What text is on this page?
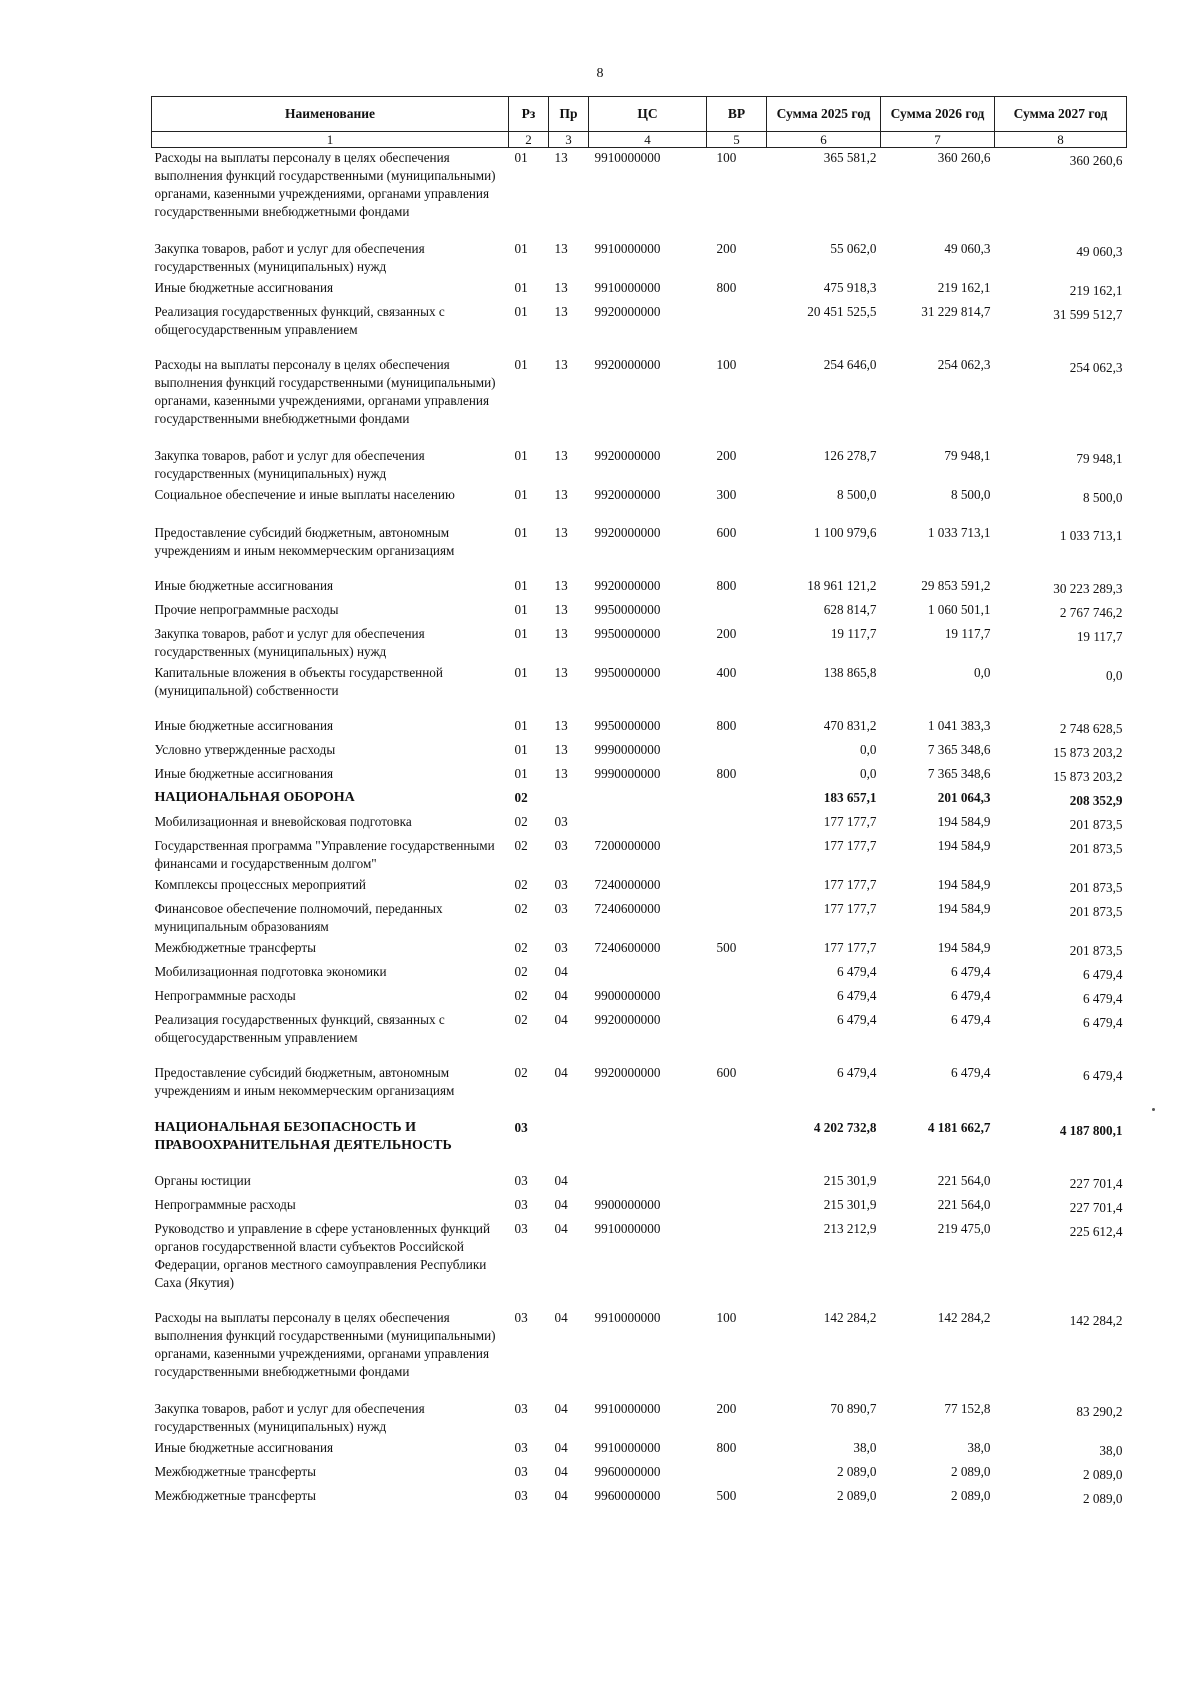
8
Наименование	Рз	Пр	ЦС	ВР	Сумма 2025 год	Сумма 2026 год	Сумма 2027 год
1	2	3	4	5	6	7	8
Расходы на выплаты персоналу в целях обеспечения выполнения функций государственными (муниципальными) органами, казенными учреждениями, органами управления государственными внебюджетными фондами	01	13	9910000000	100	365 581,2	360 260,6	360 260,6
Закупка товаров, работ и услуг для обеспечения государственных (муниципальных) нужд	01	13	9910000000	200	55 062,0	49 060,3	49 060,3
Иные бюджетные ассигнования	01	13	9910000000	800	475 918,3	219 162,1	219 162,1
Реализация государственных функций, связанных с общегосударственным управлением	01	13	9920000000		20 451 525,5	31 229 814,7	31 599 512,7
Расходы на выплаты персоналу в целях обеспечения выполнения функций государственными (муниципальными) органами, казенными учреждениями, органами управления государственными внебюджетными фондами	01	13	9920000000	100	254 646,0	254 062,3	254 062,3
Закупка товаров, работ и услуг для обеспечения государственных (муниципальных) нужд	01	13	9920000000	200	126 278,7	79 948,1	79 948,1
Социальное обеспечение и иные выплаты населению	01	13	9920000000	300	8 500,0	8 500,0	8 500,0
Предоставление субсидий бюджетным, автономным учреждениям и иным некоммерческим организациям	01	13	9920000000	600	1 100 979,6	1 033 713,1	1 033 713,1
Иные бюджетные ассигнования	01	13	9920000000	800	18 961 121,2	29 853 591,2	30 223 289,3
Прочие непрограммные расходы	01	13	9950000000		628 814,7	1 060 501,1	2 767 746,2
Закупка товаров, работ и услуг для обеспечения государственных (муниципальных) нужд	01	13	9950000000	200	19 117,7	19 117,7	19 117,7
Капитальные вложения в объекты государственной (муниципальной) собственности	01	13	9950000000	400	138 865,8	0,0	0,0
Иные бюджетные ассигнования	01	13	9950000000	800	470 831,2	1 041 383,3	2 748 628,5
Условно утвержденные расходы	01	13	9990000000		0,0	7 365 348,6	15 873 203,2
Иные бюджетные ассигнования	01	13	9990000000	800	0,0	7 365 348,6	15 873 203,2
НАЦИОНАЛЬНАЯ ОБОРОНА	02				183 657,1	201 064,3	208 352,9
Мобилизационная и вневойсковая подготовка	02	03			177 177,7	194 584,9	201 873,5
Государственная программа "Управление государственными финансами и государственным долгом"	02	03	7200000000		177 177,7	194 584,9	201 873,5
Комплексы процессных мероприятий	02	03	7240000000		177 177,7	194 584,9	201 873,5
Финансовое обеспечение полномочий, переданных муниципальным образованиям	02	03	7240600000		177 177,7	194 584,9	201 873,5
Межбюджетные трансферты	02	03	7240600000	500	177 177,7	194 584,9	201 873,5
Мобилизационная подготовка экономики	02	04			6 479,4	6 479,4	6 479,4
Непрограммные расходы	02	04	9900000000		6 479,4	6 479,4	6 479,4
Реализация государственных функций, связанных с общегосударственным управлением	02	04	9920000000		6 479,4	6 479,4	6 479,4
Предоставление субсидий бюджетным, автономным учреждениям и иным некоммерческим организациям	02	04	9920000000	600	6 479,4	6 479,4	6 479,4
НАЦИОНАЛЬНАЯ БЕЗОПАСНОСТЬ И ПРАВООХРАНИТЕЛЬНАЯ ДЕЯТЕЛЬНОСТЬ	03				4 202 732,8	4 181 662,7	4 187 800,1
Органы юстиции	03	04			215 301,9	221 564,0	227 701,4
Непрограммные расходы	03	04	9900000000		215 301,9	221 564,0	227 701,4
Руководство и управление в сфере установленных функций органов государственной власти субъектов Российской Федерации, органов местного самоуправления Республики Саха (Якутия)	03	04	9910000000		213 212,9	219 475,0	225 612,4
Расходы на выплаты персоналу в целях обеспечения выполнения функций государственными (муниципальными) органами, казенными учреждениями, органами управления государственными внебюджетными фондами	03	04	9910000000	100	142 284,2	142 284,2	142 284,2
Закупка товаров, работ и услуг для обеспечения государственных (муниципальных) нужд	03	04	9910000000	200	70 890,7	77 152,8	83 290,2
Иные бюджетные ассигнования	03	04	9910000000	800	38,0	38,0	38,0
Межбюджетные трансферты	03	04	9960000000		2 089,0	2 089,0	2 089,0
Межбюджетные трансферты	03	04	9960000000	500	2 089,0	2 089,0	2 089,0
